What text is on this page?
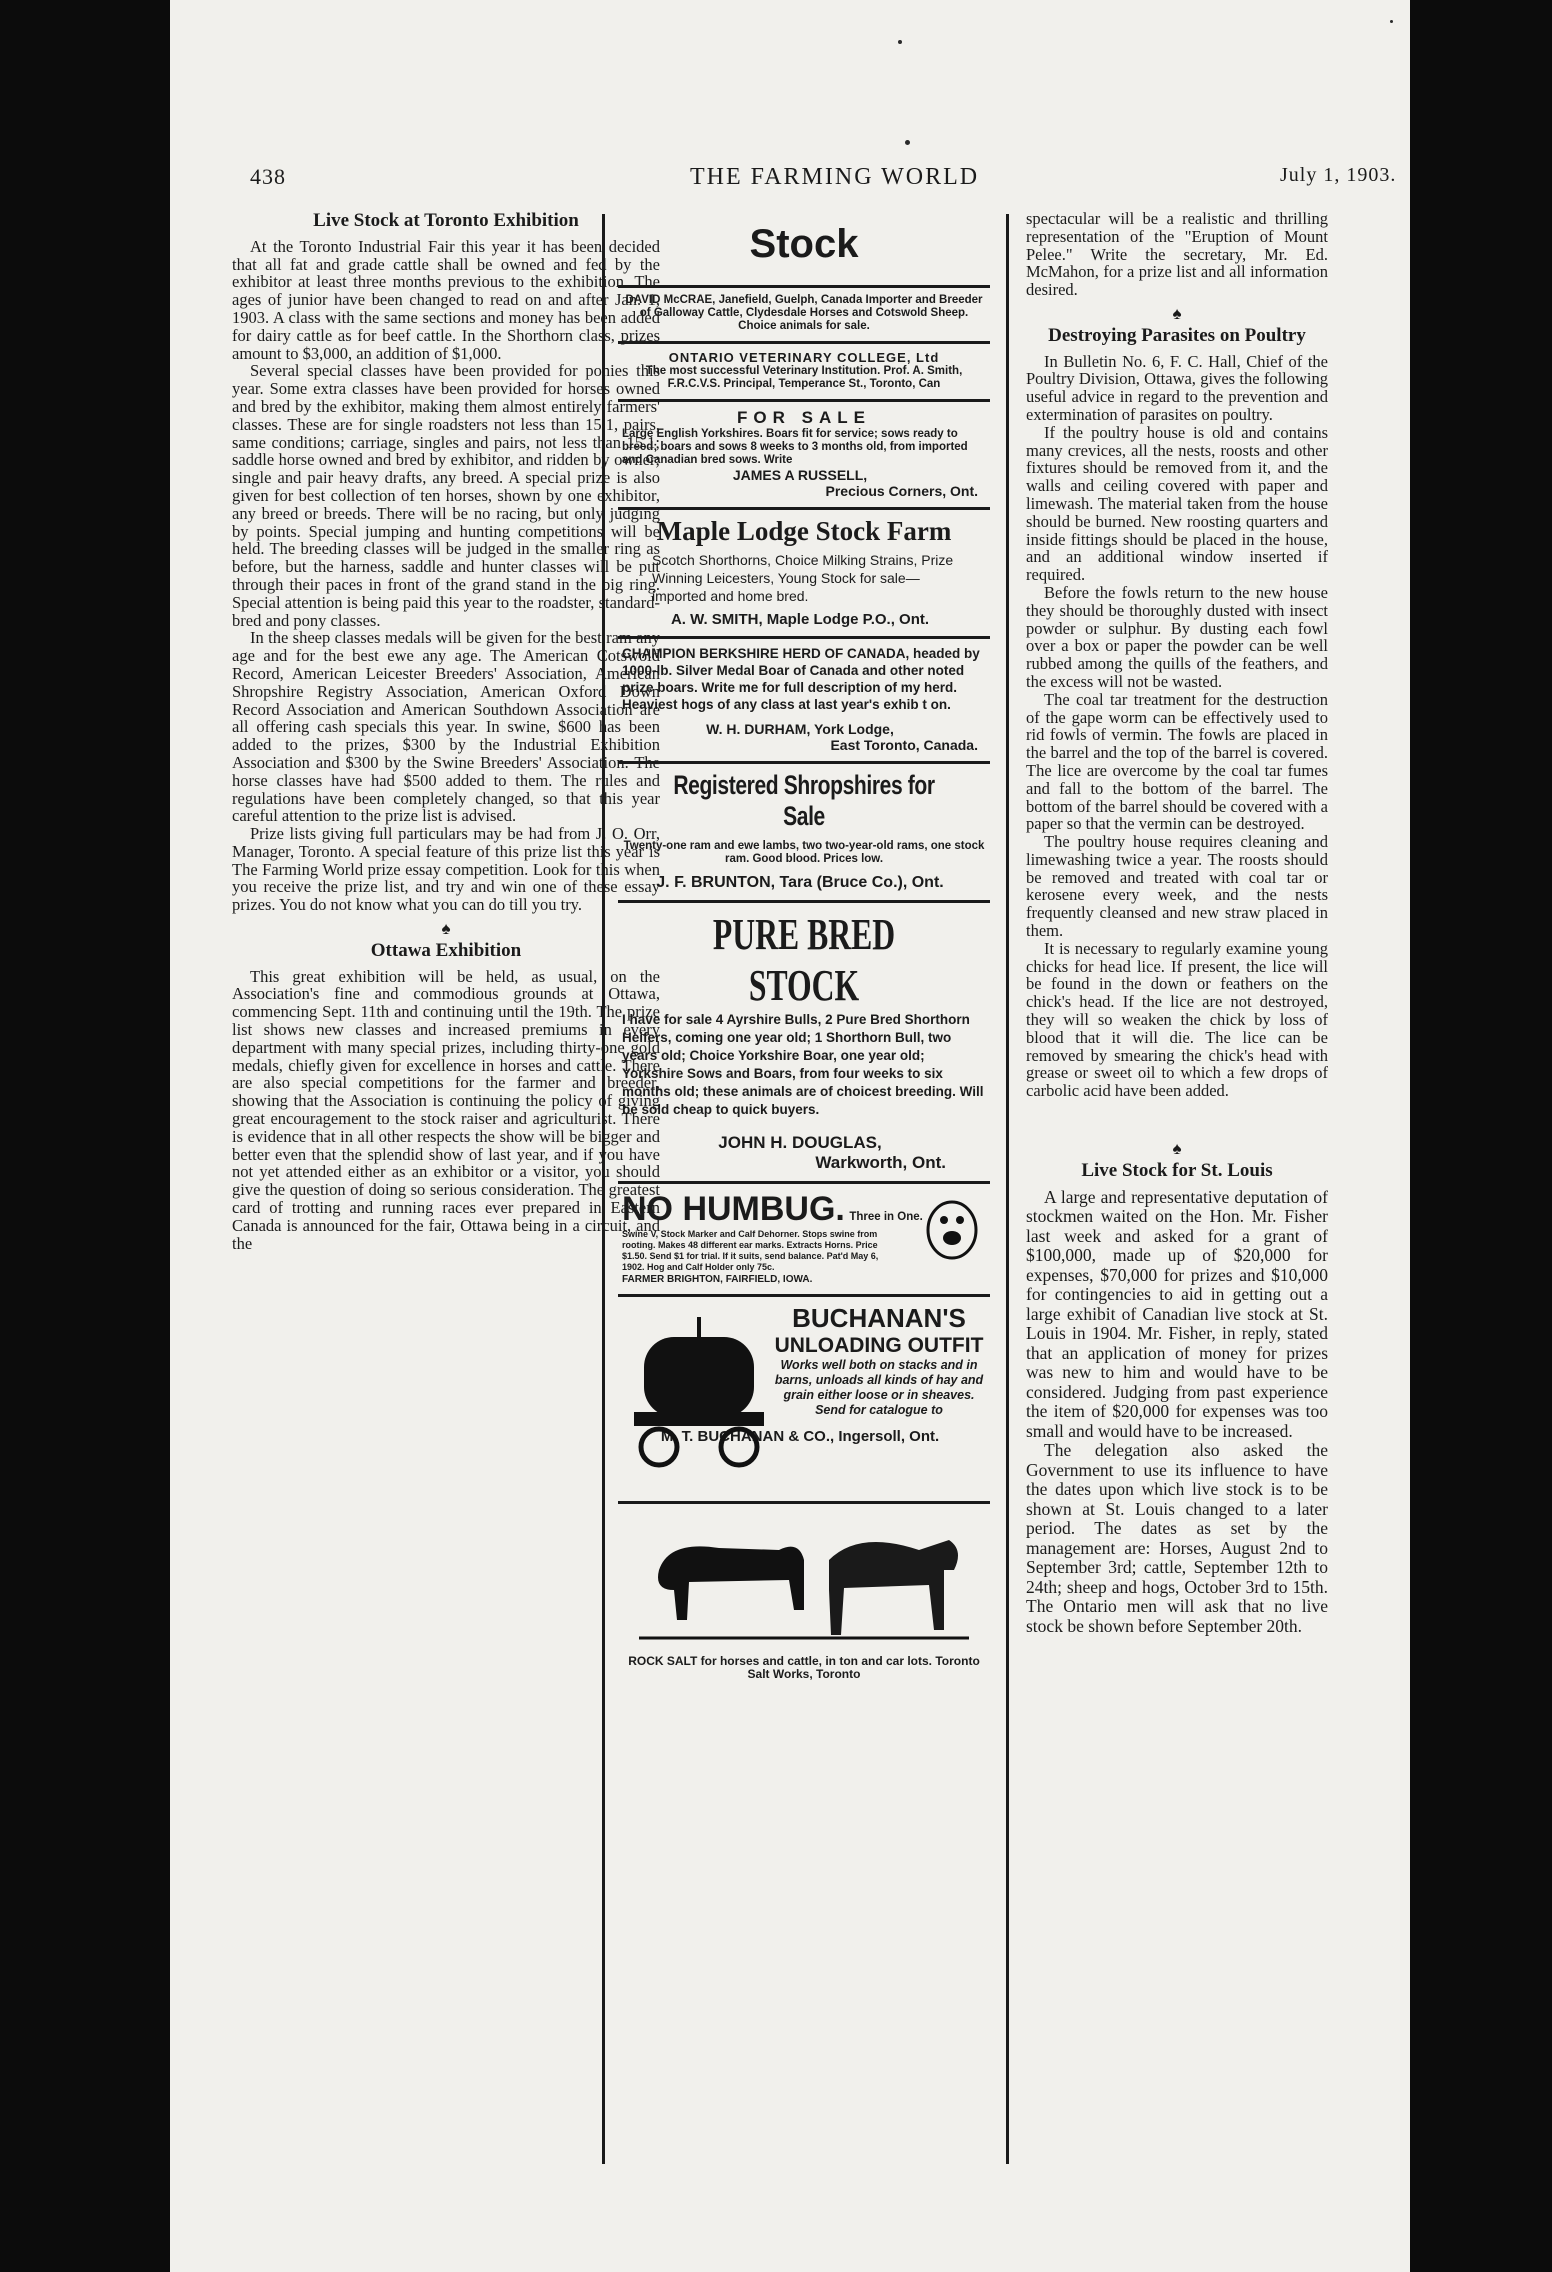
438	THE FARMING WORLD	July 1, 1903.
Live Stock at Toronto Exhibition

At the Toronto Industrial Fair this year it has been decided that all fat and grade cattle shall be owned and fed by the exhibitor at least three months previous to the exhibition. The ages of junior have been changed to read on and after Jan. 1, 1903. A class with the same sections and money has been added for dairy cattle as for beef cattle. In the Shorthorn class, prizes amount to $3,000, an addition of $1,000.

Several special classes have been provided for ponies this year. Some extra classes have been provided for horses owned and bred by the exhibitor, making them almost entirely farmers' classes. These are for single roadsters not less than 15.1, pairs, same conditions; carriage, singles and pairs, not less than 15.1; saddle horse owned and bred by exhibitor, and ridden by owner; single and pair heavy drafts, any breed. A special prize is also given for best collection of ten horses, shown by one exhibitor, any breed or breeds. There will be no racing, but only judging by points. Special jumping and hunting competitions will be held. The breeding classes will be judged in the smaller ring as before, but the harness, saddle and hunter classes will be put through their paces in front of the grand stand in the big ring. Special attention is being paid this year to the roadster, standard-bred and pony classes.

In the sheep classes medals will be given for the best ram any age and for the best ewe any age. The American Cotswold Record, American Leicester Breeders' Association, American Shropshire Registry Association, American Oxford Down Record Association and American Southdown Association are all offering cash specials this year. In swine, $600 has been added to the prizes, $300 by the Industrial Exhibition Association and $300 by the Swine Breeders' Association. The horse classes have had $500 added to them. The rules and regulations have been completely changed, so that this year careful attention to the prize list is advised.

Prize lists giving full particulars may be had from J. O. Orr, Manager, Toronto. A special feature of this prize list this year is The Farming World prize essay competition. Look for this when you receive the prize list, and try and win one of these essay prizes. You do not know what you can do till you try.

♠
Ottawa Exhibition

This great exhibition will be held, as usual, on the Association's fine and commodious grounds at Ottawa, commencing Sept. 11th and continuing until the 19th. The prize list shows new classes and increased premiums in every department with many special prizes, including thirty-one gold medals, chiefly given for excellence in horses and cattle. There are also special competitions for the farmer and breeder, showing that the Association is continuing the policy of giving great encouragement to the stock raiser and agriculturist. There is evidence that in all other respects the show will be bigger and better even that the splendid show of last year, and if you have not yet attended either as an exhibitor or a visitor, you should give the question of doing so serious consideration. The greatest card of trotting and running races ever prepared in Eastern Canada is announced for the fair, Ottawa being in a circuit, and the

Stock

DAVID McCRAE, Janefield, Guelph, Canada Importer and Breeder of Galloway Cattle, Clydesdale Horses and Cotswold Sheep. Choice animals for sale.

ONTARIO VETERINARY COLLEGE, Ltd

The most successful Veterinary Institution. Prof. A. Smith, F.R.C.V.S. Principal, Temperance St., Toronto, Can

FOR SALE

Large English Yorkshires. Boars fit for service; sows ready to breed; boars and sows 8 weeks to 3 months old, from imported and Canadian bred sows. Write

JAMES A RUSSELL,

Precious Corners, Ont.

Maple Lodge Stock Farm

Scotch Shorthorns, Choice Milking Strains, Prize Winning Leicesters, Young Stock for sale—imported and home bred.

A. W. SMITH, Maple Lodge P.O., Ont.

CHAMPION BERKSHIRE HERD OF CANADA, headed by 1000-lb. Silver Medal Boar of Canada and other noted prize boars. Write me for full description of my herd. Heaviest hogs of any class at last year's exhib t on.

W. H. DURHAM, York Lodge,

East Toronto, Canada.

Registered Shropshires for Sale

Twenty-one ram and ewe lambs, two two-year-old rams, one stock ram. Good blood. Prices low.

J. F. BRUNTON, Tara (Bruce Co.), Ont.

PURE BRED STOCK

I have for sale 4 Ayrshire Bulls, 2 Pure Bred Shorthorn Heifers, coming one year old; 1 Shorthorn Bull, two years old; Choice Yorkshire Boar, one year old; Yorkshire Sows and Boars, from four weeks to six months old; these animals are of choicest breeding. Will be sold cheap to quick buyers.

JOHN H. DOUGLAS,

Warkworth, Ont.

NO HUMBUG. Three in One.

Swine V, Stock Marker and Calf Dehorner. Stops swine from rooting. Makes 48 different ear marks. Extracts Horns. Price $1.50. Send $1 for trial. If it suits, send balance. Pat'd May 6, 1902. Hog and Calf Holder only 75c.

FARMER BRIGHTON, FAIRFIELD, IOWA.

BUCHANAN'S

UNLOADING OUTFIT

Works well both on stacks and in barns, unloads all kinds of hay and grain either loose or in sheaves. Send for catalogue to

M. T. BUCHANAN & CO., Ingersoll, Ont.

ROCK SALT for horses and cattle, in ton and car lots. Toronto Salt Works, Toronto

spectacular will be a realistic and thrilling representation of the "Eruption of Mount Pelee." Write the secretary, Mr. Ed. McMahon, for a prize list and all information desired.

♠
Destroying Parasites on Poultry

In Bulletin No. 6, F. C. Hall, Chief of the Poultry Division, Ottawa, gives the following useful advice in regard to the prevention and extermination of parasites on poultry.

If the poultry house is old and contains many crevices, all the nests, roosts and other fixtures should be removed from it, and the walls and ceiling covered with paper and limewash. The material taken from the house should be burned. New roosting quarters and inside fittings should be placed in the house, and an additional window inserted if required.

Before the fowls return to the new house they should be thoroughly dusted with insect powder or sulphur. By dusting each fowl over a box or paper the powder can be well rubbed among the quills of the feathers, and the excess will not be wasted.

The coal tar treatment for the destruction of the gape worm can be effectively used to rid fowls of vermin. The fowls are placed in the barrel and the top of the barrel is covered. The lice are overcome by the coal tar fumes and fall to the bottom of the barrel. The bottom of the barrel should be covered with a paper so that the vermin can be destroyed.

The poultry house requires cleaning and limewashing twice a year. The roosts should be removed and treated with coal tar or kerosene every week, and the nests frequently cleansed and new straw placed in them.

It is necessary to regularly examine young chicks for head lice. If present, the lice will be found in the down or feathers on the chick's head. If the lice are not destroyed, they will so weaken the chick by loss of blood that it will die. The lice can be removed by smearing the chick's head with grease or sweet oil to which a few drops of carbolic acid have been added.

♠
Live Stock for St. Louis

A large and representative deputation of stockmen waited on the Hon. Mr. Fisher last week and asked for a grant of $100,000, made up of $20,000 for expenses, $70,000 for prizes and $10,000 for contingencies to aid in getting out a large exhibit of Canadian live stock at St. Louis in 1904. Mr. Fisher, in reply, stated that an application of money for prizes was new to him and would have to be considered. Judging from past experience the item of $20,000 for expenses was too small and would have to be increased.

The delegation also asked the Government to use its influence to have the dates upon which live stock is to be shown at St. Louis changed to a later period. The dates as set by the management are: Horses, August 2nd to September 3rd; cattle, September 12th to 24th; sheep and hogs, October 3rd to 15th. The Ontario men will ask that no live stock be shown before September 20th.
